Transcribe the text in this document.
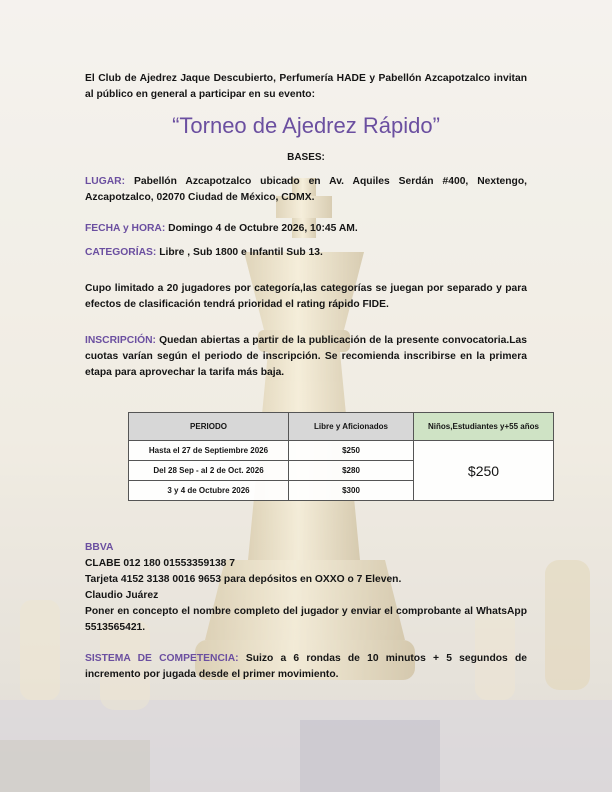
El Club de Ajedrez Jaque Descubierto, Perfumería HADE y Pabellón Azcapotzalco invitan al público en general a participar en su evento:

“Torneo de Ajedrez Rápido”
BASES:

LUGAR: Pabellón Azcapotzalco ubicado en Av. Aquiles Serdán #400, Nextengo, Azcapotzalco, 02070 Ciudad de México, CDMX.

FECHA y HORA: Domingo 4 de Octubre 2026, 10:45 AM.

CATEGORÍAS: Libre , Sub 1800 e Infantil Sub 13.

Cupo limitado a 20 jugadores por categoría,las categorías se juegan por separado y para efectos de clasificación tendrá prioridad el rating rápido FIDE.

INSCRIPCIÓN: Quedan abiertas a partir de la publicación de la presente convocatoria.Las cuotas varían según el periodo de inscripción. Se recomienda inscribirse en la primera etapa para aprovechar la tarifa más baja.

PERIODO	Libre y Aficionados	Niños,Estudiantes y+55 años
Hasta el 27 de Septiembre 2026	$250	$250
Del 28 Sep - al 2 de Oct. 2026	$280	
3 y 4 de Octubre 2026	$300	
BBVA
CLABE 012 180 01553359138 7
Tarjeta 4152 3138 0016 9653 para depósitos en OXXO o 7 Eleven.
Claudio Juárez
Poner en concepto el nombre completo del jugador y enviar el comprobante al WhatsApp 5513565421.

SISTEMA DE COMPETENCIA: Suizo a 6 rondas de 10 minutos + 5 segundos de incremento por jugada desde el primer movimiento.
